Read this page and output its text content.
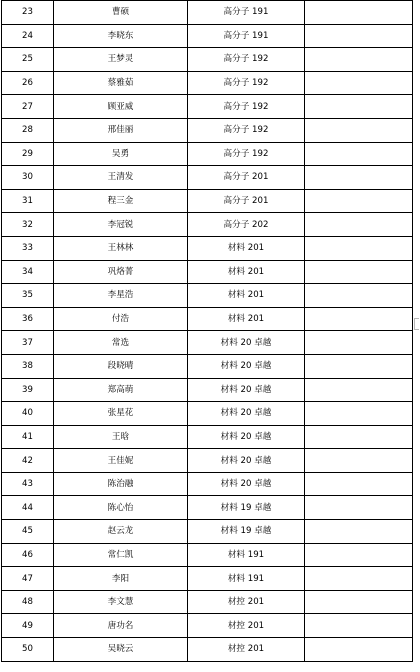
23	曹硕	高分子 191	
24	李晓东	高分子 191	
25	王梦灵	高分子 192	
26	蔡雅茹	高分子 192	
27	顾亚威	高分子 192	
28	邢佳丽	高分子 192	
29	吴勇	高分子 192	
30	王清发	高分子 201	
31	程三金	高分子 201	
32	李冠锐	高分子 202	
33	王林林	材料 201	
34	巩烙菁	材料 201	
35	李星浩	材料 201	
36	付浩	材料 201	
37	常选	材料 20 卓越	
38	段晓晴	材料 20 卓越	
39	郑高萌	材料 20 卓越	
40	张星花	材料 20 卓越	
41	王晗	材料 20 卓越	
42	王佳妮	材料 20 卓越	
43	陈治融	材料 20 卓越	
44	陈心怡	材料 19 卓越	
45	赵云龙	材料 19 卓越	
46	常仁凯	材料 191	
47	李阳	材料 191	
48	李文慧	材控 201	
49	唐功名	材控 201	
50	吴晓云	材控 201	
